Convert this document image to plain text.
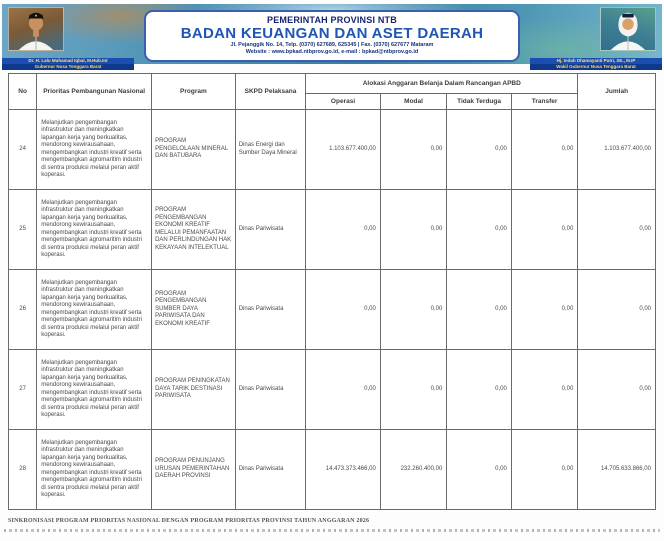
Dr. H. Lalu Muhamad Iqbal, M.Hub.Int
Gubernur Nusa Tenggara Barat
Hj. Indah Dhamayanti Putri, SE., M.IP
Wakil Gubernur Nusa Tenggara Barat
PEMERINTAH PROVINSI NTB
BADAN KEUANGAN DAN ASET DAERAH
Jl. Pejanggik No. 14, Telp. (0370) 627689, 625345 | Fax. (0370) 627677 Mataram
Website : www.bpkad.ntbprov.go.id, e-mail : bpkad@ntbprov.go.id
No	Prioritas Pembangunan Nasional	Program	SKPD Pelaksana	Alokasi Anggaran Belanja Dalam Rancangan APBD				Jumlah
				Operasi	Modal	Tidak Terduga	Transfer	
24	Melanjutkan pengembangan infrastruktur dan meningkatkan lapangan kerja yang berkualitas, mendorong kewirausahaan, mengembangkan industri kreatif serta mengembangkan agromaritim industri di sentra produksi melalui peran aktif koperasi.	PROGRAM PENGELOLAAN MINERAL DAN BATUBARA	Dinas Energi dan Sumber Daya Mineral	1.103.677.400,00	0,00	0,00	0,00	1.103.677.400,00
25	Melanjutkan pengembangan infrastruktur dan meningkatkan lapangan kerja yang berkualitas, mendorong kewirausahaan, mengembangkan industri kreatif serta mengembangkan agromaritim industri di sentra produksi melalui peran aktif koperasi.	PROGRAM PENGEMBANGAN EKONOMI KREATIF MELALUI PEMANFAATAN DAN PERLINDUNGAN HAK KEKAYAAN INTELEKTUAL	Dinas Pariwisata	0,00	0,00	0,00	0,00	0,00
26	Melanjutkan pengembangan infrastruktur dan meningkatkan lapangan kerja yang berkualitas, mendorong kewirausahaan, mengembangkan industri kreatif serta mengembangkan agromaritim industri di sentra produksi melalui peran aktif koperasi.	PROGRAM PENGEMBANGAN SUMBER DAYA PARIWISATA DAN EKONOMI KREATIF	Dinas Pariwisata	0,00	0,00	0,00	0,00	0,00
27	Melanjutkan pengembangan infrastruktur dan meningkatkan lapangan kerja yang berkualitas, mendorong kewirausahaan, mengembangkan industri kreatif serta mengembangkan agromaritim industri di sentra produksi melalui peran aktif koperasi.	PROGRAM PENINGKATAN DAYA TARIK DESTINASI PARIWISATA	Dinas Pariwisata	0,00	0,00	0,00	0,00	0,00
28	Melanjutkan pengembangan infrastruktur dan meningkatkan lapangan kerja yang berkualitas, mendorong kewirausahaan, mengembangkan industri kreatif serta mengembangkan agromaritim industri di sentra produksi melalui peran aktif koperasi.	PROGRAM PENUNJANG URUSAN PEMERINTAHAN DAERAH PROVINSI	Dinas Pariwisata	14.473.373.466,00	232.260.400,00	0,00	0,00	14.705.633.866,00
SINKRONISASI PROGRAM PRIORITAS NASIONAL DENGAN PROGRAM PRIORITAS PROVINSI TAHUN ANGGARAN 2026
